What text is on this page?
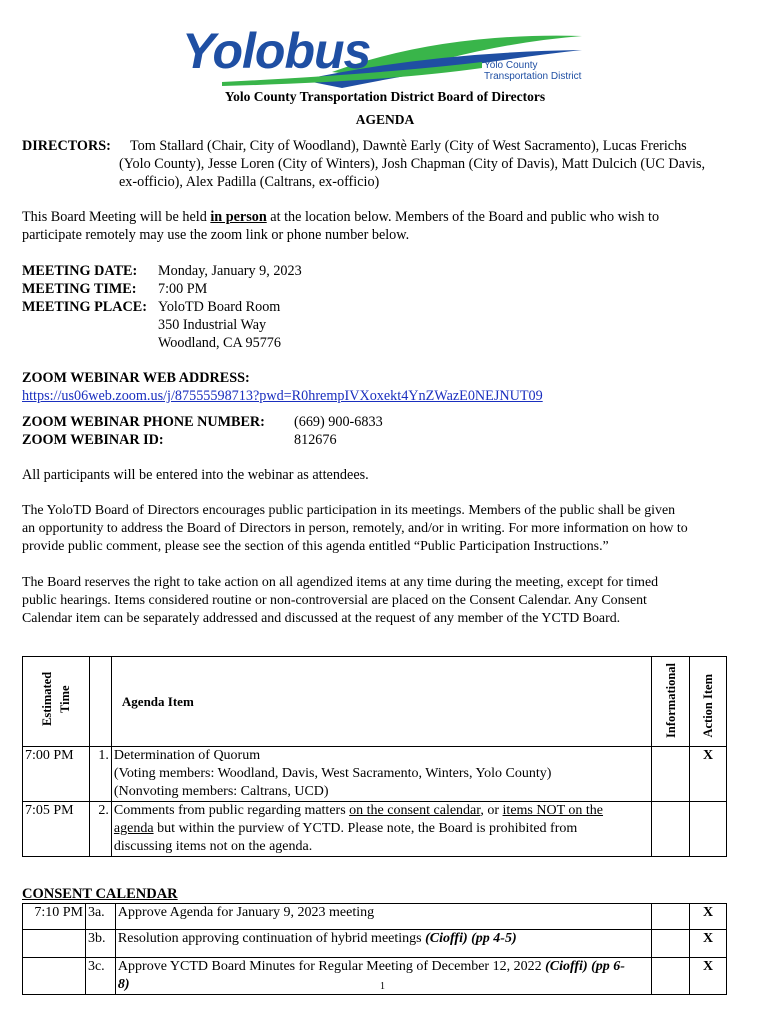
Yolobus	Yolo County
Transportation District
Yolo County Transportation District Board of Directors
AGENDA
DIRECTORS: Tom Stallard (Chair, City of Woodland), Dawntè Early (City of West Sacramento), Lucas Frerichs
(Yolo County), Jesse Loren (City of Winters), Josh Chapman (City of Davis), Matt Dulcich (UC Davis,
ex-officio), Alex Padilla (Caltrans, ex-officio)
This Board Meeting will be held in person at the location below. Members of the Board and public who wish to
participate remotely may use the zoom link or phone number below.
MEETING DATE: Monday, January 9, 2023
MEETING TIME: 7:00 PM
MEETING PLACE: YoloTD Board Room
350 Industrial Way
Woodland, CA 95776
ZOOM WEBINAR WEB ADDRESS:
https://us06web.zoom.us/j/87555598713?pwd=R0hrempIVXoxekt4YnZWazE0NEJNUT09
ZOOM WEBINAR PHONE NUMBER: (669) 900-6833
ZOOM WEBINAR ID:	812676
All participants will be entered into the webinar as attendees.
The YoloTD Board of Directors encourages public participation in its meetings. Members of the public shall be given
an opportunity to address the Board of Directors in person, remotely, and/or in writing. For more information on how to
provide public comment, please see the section of this agenda entitled “Public Participation Instructions.”
The Board reserves the right to take action on all agendized items at any time during the meeting, except for timed
public hearings. Items considered routine or non-controversial are placed on the Consent Calendar. Any Consent
Calendar item can be separately addressed and discussed at the request of any member of the YCTD Board.
Estimated Time		Agenda Item	Informational	Action Item
7:00 PM	1.	Determination of Quorum
(Voting members: Woodland, Davis, West Sacramento, Winters, Yolo County)
(Nonvoting members: Caltrans, UCD)		X
7:05 PM	2.	Comments from public regarding matters on the consent calendar, or items NOT on the
agenda but within the purview of YCTD. Please note, the Board is prohibited from
discussing items not on the agenda.		

CONSENT CALENDAR
7:10 PM	3a.	Approve Agenda for January 9, 2023 meeting		X
	3b.	Resolution approving continuation of hybrid meetings (Cioffi) (pp 4-5)		X
	3c.	Approve YCTD Board Minutes for Regular Meeting of December 12, 2022 (Cioffi) (pp 6-
8)		X
1
